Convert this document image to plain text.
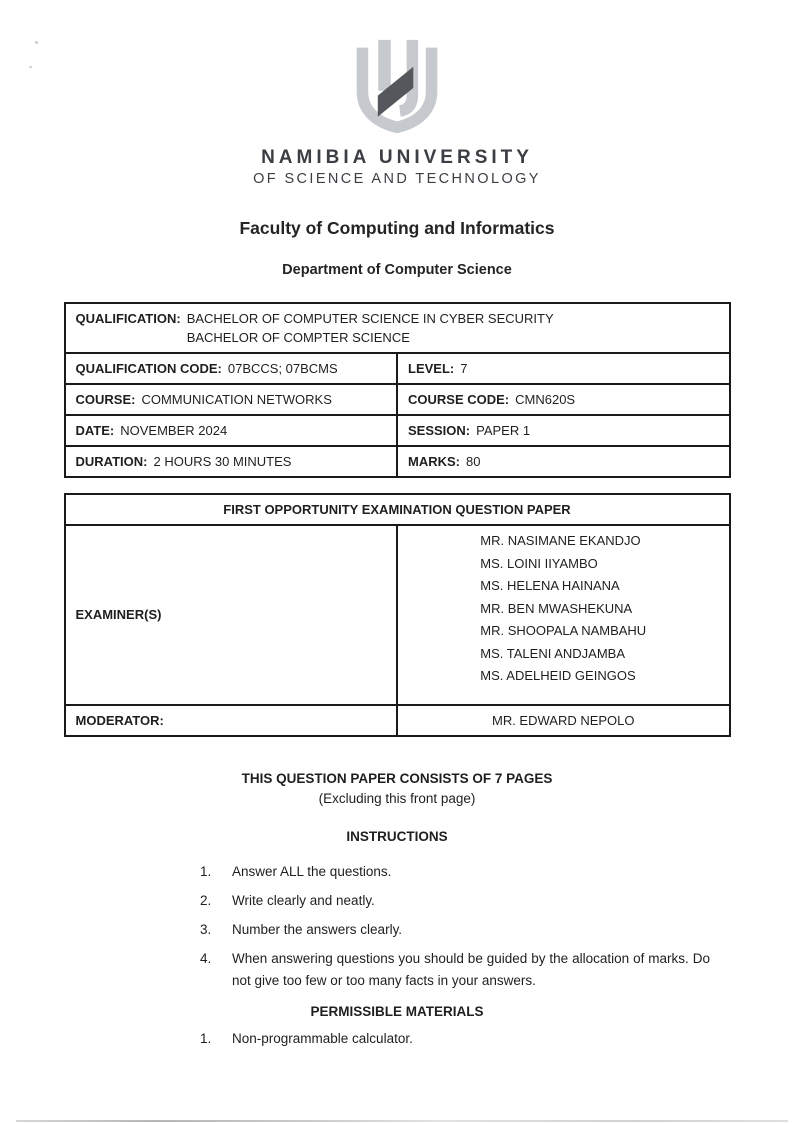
NAMIBIA UNIVERSITY
OF SCIENCE AND TECHNOLOGY
Faculty of Computing and Informatics
Department of Computer Science
QUALIFICATION: BACHELOR OF COMPUTER SCIENCE IN CYBER SECURITY
BACHELOR OF COMPTER SCIENCE	

QUALIFICATION CODE: 07BCCS; 07BCMS	LEVEL: 7
COURSE: COMMUNICATION NETWORKS	COURSE CODE: CMN620S
DATE: NOVEMBER 2024	SESSION: PAPER 1
DURATION: 2 HOURS 30 MINUTES	MARKS: 80
FIRST OPPORTUNITY EXAMINATION QUESTION PAPER	
EXAMINER(S)	
MR. NASIMANE EKANDJO
MS. LOINI IIYAMBO
MS. HELENA HAINANA
MR. BEN MWASHEKUNA
MR. SHOOPALA NAMBAHU
MS. TALENI ANDJAMBA
MS. ADELHEID GEINGOS

MODERATOR:	MR. EDWARD NEPOLO
THIS QUESTION PAPER CONSISTS OF 7 PAGES
(Excluding this front page)
INSTRUCTIONS
1.	Answer ALL the questions.
2.	Write clearly and neatly.
3.	Number the answers clearly.
4.	When answering questions you should be guided by the allocation of marks. Do not give too few or too many facts in your answers.
PERMISSIBLE MATERIALS
1.	Non-programmable calculator.
